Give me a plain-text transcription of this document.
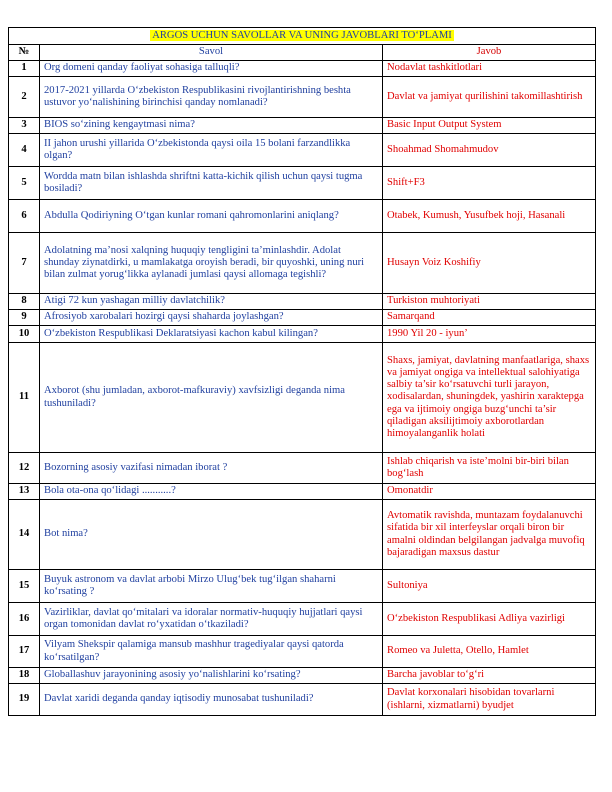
ARGOS UCHUN SAVOLLAR VA UNING JAVOBLARI TO‘PLAMI		
№	Savol	Javob
1	Org domeni qanday faoliyat sohasiga talluqli?	Nodavlat tashkitlotlari
2	2017-2021 yillarda O‘zbekiston Respublikasini rivojlantirishning beshta ustuvor yo‘nalishining birinchisi qanday nomlanadi?	Davlat va jamiyat qurilishini takomillashtirish
3	BIOS so‘zining kengaytmasi nima?	Basic Input Output System
4	II jahon urushi yillarida O‘zbekistonda qaysi oila 15 bolani farzandlikka olgan?	Shoahmad Shomahmudov
5	Wordda matn bilan ishlashda shriftni katta-kichik qilish uchun qaysi tugma bosiladi?	Shift+F3
6	Abdulla Qodiriyning O‘tgan kunlar romani qahromonlarini aniqlang?	Otabek, Kumush, Yusufbek hoji, Hasanali
7	Adolatning ma’nosi xalqning huquqiy tengligini ta’minlashdir. Adolat shunday ziynatdirki, u mamlakatga oroyish beradi, bir quyoshki, uning nuri bilan zulmat yorug‘likka aylanadi jumlasi qaysi allomaga tegishli?	Husayn Voiz Koshifiy
8	Atigi 72 kun yashagan milliy davlatchilik?	Turkiston muhtoriyati
9	Afrosiyob xarobalari hozirgi qaysi shaharda joylashgan?	Samarqand
10	O‘zbekiston Respublikasi Deklaratsiyasi kachon kabul kilingan?	1990 Yil 20 - iyun’
11	Axborot (shu jumladan, axborot-mafkuraviy) xavfsizligi deganda nima tushuniladi?	Shaxs, jamiyat, davlatning manfaatlariga, shaxs va jamiyat ongiga va intellektual salohiyatiga salbiy ta’sir ko‘rsatuvchi turli jarayon, xodisalardan, shuningdek, yashirin xaraktерga ega va ijtimoiy ongiga buzg‘unchi ta’sir qiladigan aksilijtimoiy axborotlardan himoyalanganlik holati
12	Bozorning asosiy vazifasi nimadan iborat ?	Ishlab chiqarish va iste’molni bir-biri bilan bog‘lash
13	Bola ota-ona qo‘lidagi ...........?	Omonatdir
14	Bot nima?	Avtomatik ravishda, muntazam foydalanuvchi sifatida bir xil interfeyslar orqali biron bir amalni oldindan belgilangan jadvalga muvofiq bajaradigan maxsus dastur
15	Buyuk astronom va davlat arbobi Mirzo Ulug‘bek tug‘ilgan shaharni ko‘rsating ?	Sultoniya
16	Vazirliklar, davlat qo‘mitalari va idoralar normativ-huquqiy hujjatlari qaysi organ tomonidan davlat ro‘yxatidan o‘tkaziladi?	O‘zbekiston Respublikasi Adliya vazirligi
17	Vilyam Shekspir qalamiga mansub mashhur tragediyalar qaysi qatorda ko‘rsatilgan?	Romeo va Juletta, Otello, Hamlet
18	Globallashuv jarayonining asosiy yo‘nalishlarini ko‘rsating?	Barcha javoblar to‘g‘ri
19	Davlat xaridi deganda qanday iqtisodiy munosabat tushuniladi?	Davlat korxonalari hisobidan tovarlarni (ishlarni, xizmatlarni) byudjet
